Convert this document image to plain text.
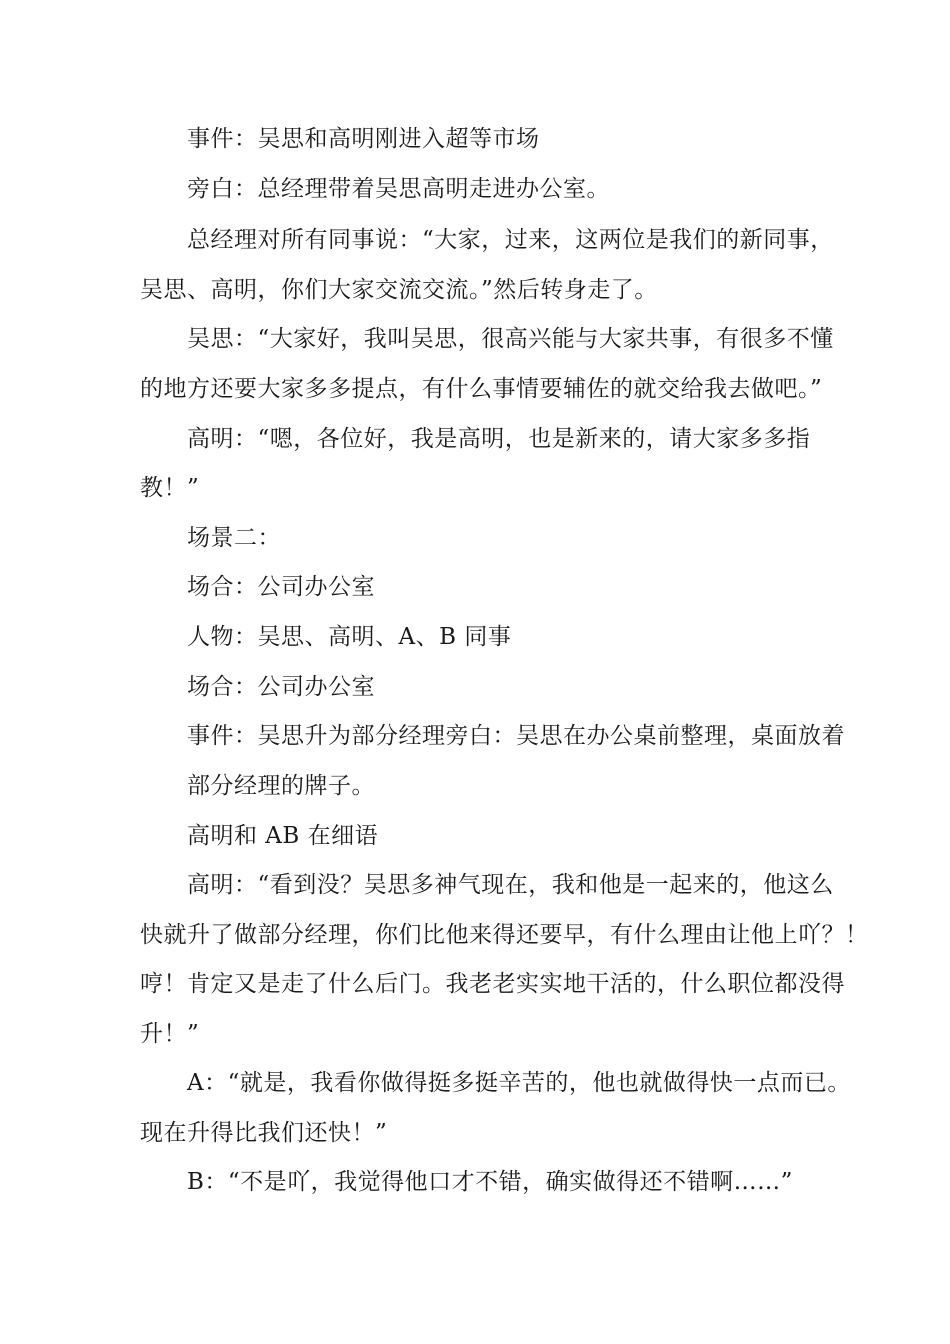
事件：吴思和高明刚进入超等市场
旁白：总经理带着吴思高明走进办公室。
总经理对所有同事说：“大家，过来，这两位是我们的新同事，
吴思、高明，你们大家交流交流。”然后转身走了。
吴思：“大家好，我叫吴思，很高兴能与大家共事，有很多不懂
的地方还要大家多多提点，有什么事情要辅佐的就交给我去做吧。”
高明：“嗯，各位好，我是高明，也是新来的，请大家多多指
教！”
场景二：
场合：公司办公室
人物：吴思、高明、A、B 同事
场合：公司办公室
事件：吴思升为部分经理旁白：吴思在办公桌前整理，桌面放着
部分经理的牌子。
高明和 AB 在细语
高明：“看到没？吴思多神气现在，我和他是一起来的，他这么
快就升了做部分经理，你们比他来得还要早，有什么理由让他上吖？！
哼！肯定又是走了什么后门。我老老实实地干活的，什么职位都没得
升！”
A：“就是，我看你做得挺多挺辛苦的，他也就做得快一点而已。
现在升得比我们还快！”
B：“不是吖，我觉得他口才不错，确实做得还不错啊……”
